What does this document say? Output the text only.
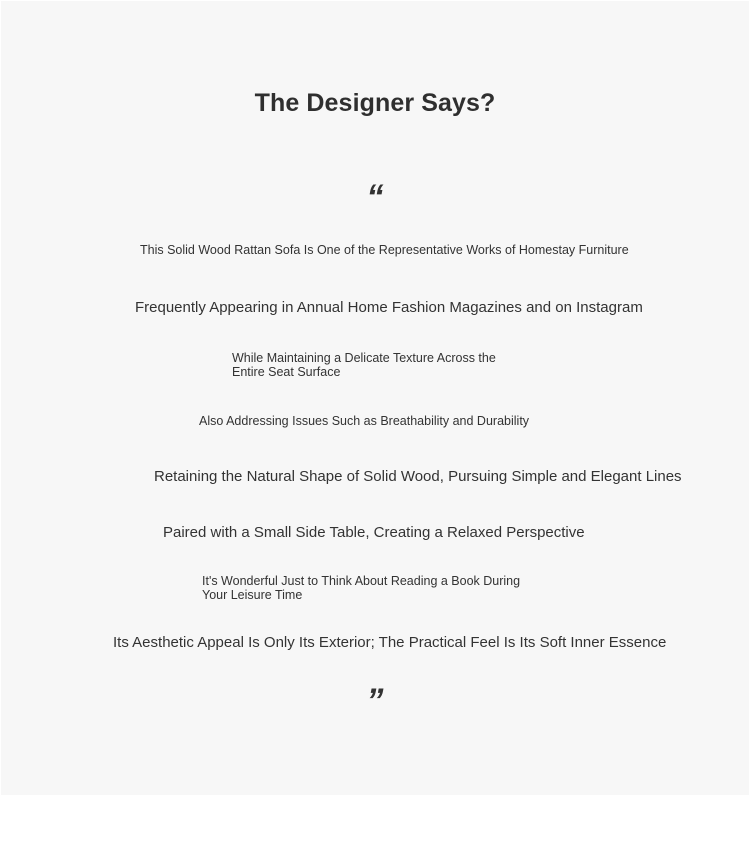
The Designer Says?
“
This Solid Wood Rattan Sofa Is One of the Representative Works of Homestay Furniture
Frequently Appearing in Annual Home Fashion Magazines and on Instagram
While Maintaining a Delicate Texture Across the
Entire Seat Surface
Also Addressing Issues Such as Breathability and Durability
Retaining the Natural Shape of Solid Wood, Pursuing Simple and Elegant Lines
Paired with a Small Side Table, Creating a Relaxed Perspective
It's Wonderful Just to Think About Reading a Book During
Your Leisure Time
Its Aesthetic Appeal Is Only Its Exterior; The Practical Feel Is Its Soft Inner Essence
”
